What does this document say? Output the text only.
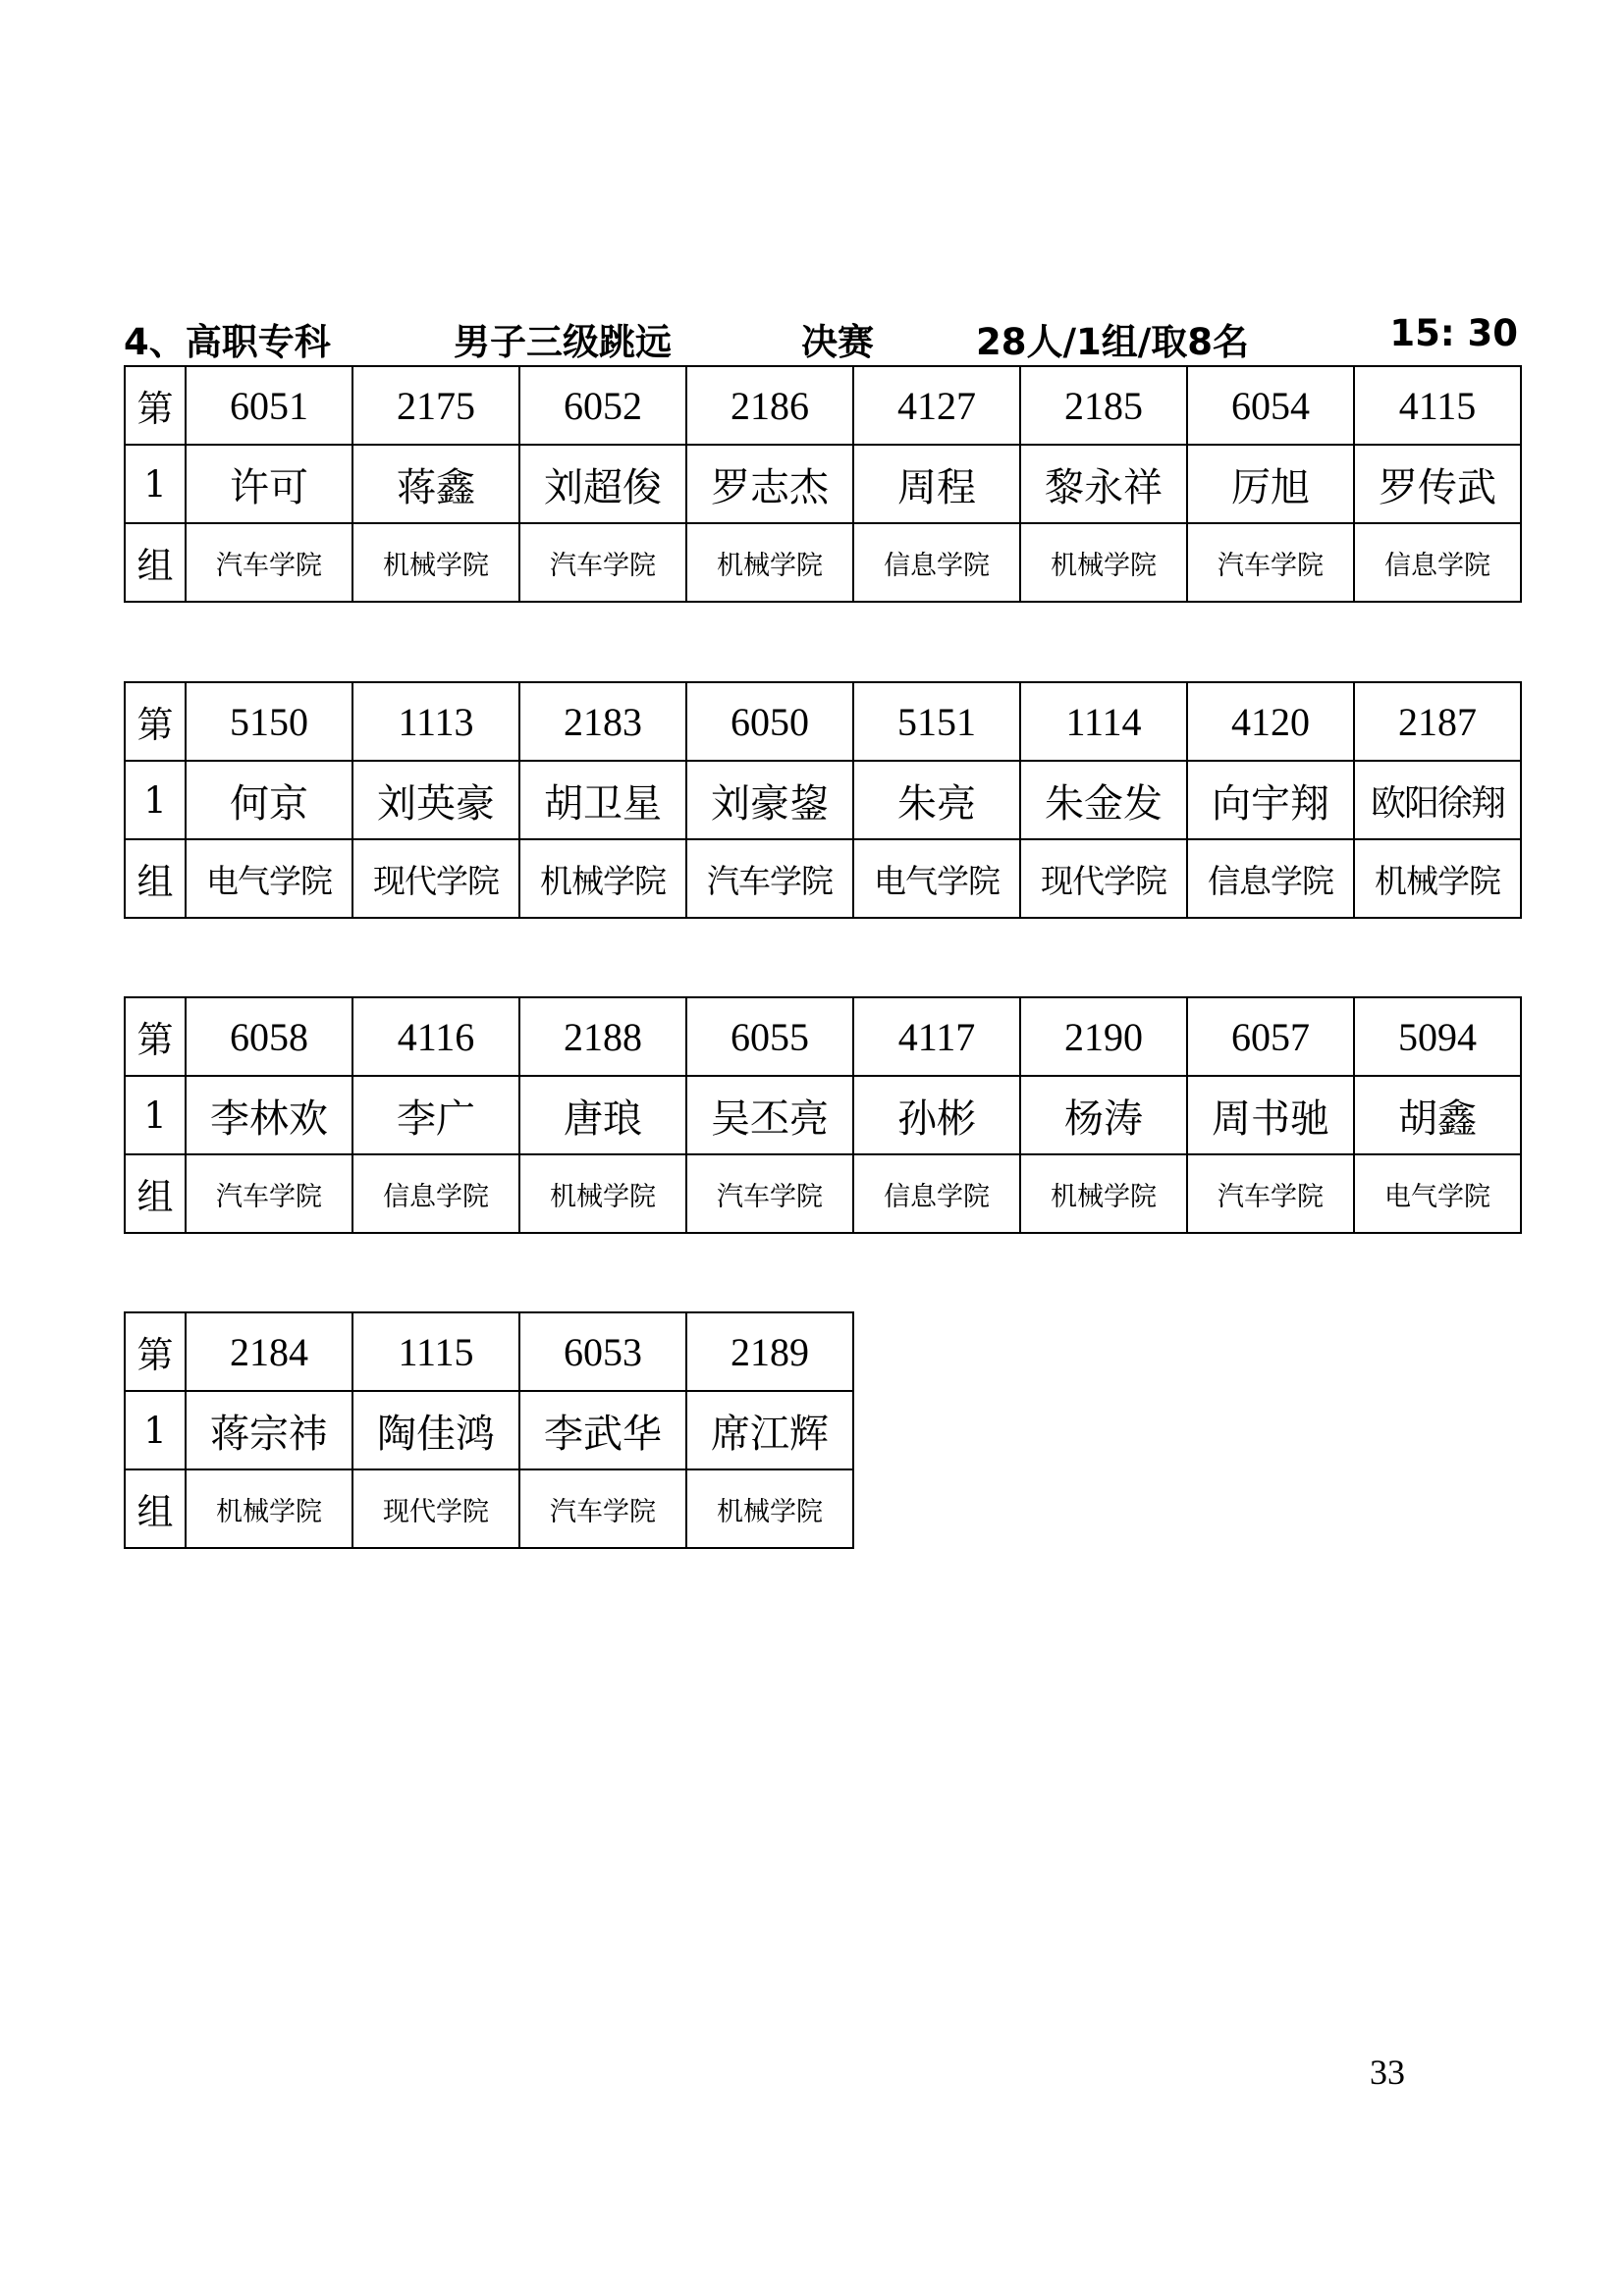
4、高职专科	男子三级跳远	决赛	28人/1组/取8名	15: 30
第	6051	2175	6052	2186	4127	2185	6054	4115
1	许可	蒋鑫	刘超俊	罗志杰	周程	黎永祥	厉旭	罗传武
组	汽车学院	机械学院	汽车学院	机械学院	信息学院	机械学院	汽车学院	信息学院
第	5150	1113	2183	6050	5151	1114	4120	2187
1	何京	刘英豪	胡卫星	刘豪鋆	朱亮	朱金发	向宇翔	欧阳徐翔
组	电气学院	现代学院	机械学院	汽车学院	电气学院	现代学院	信息学院	机械学院
第	6058	4116	2188	6055	4117	2190	6057	5094
1	李林欢	李广	唐琅	吴丕亮	孙彬	杨涛	周书驰	胡鑫
组	汽车学院	信息学院	机械学院	汽车学院	信息学院	机械学院	汽车学院	电气学院
第	2184	1115	6053	2189
1	蒋宗祎	陶佳鸿	李武华	席江辉
组	机械学院	现代学院	汽车学院	机械学院
33
